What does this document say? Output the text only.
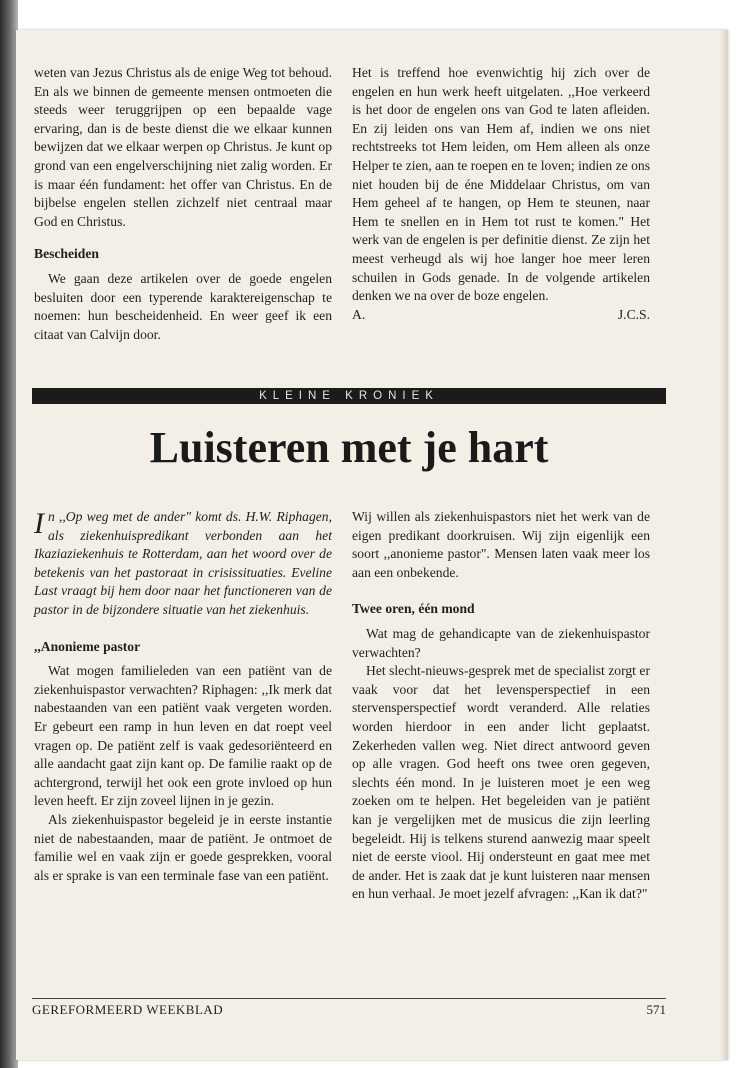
weten van Jezus Christus als de enige Weg tot behoud. En als we binnen de gemeente mensen ontmoeten die steeds weer teruggrijpen op een bepaalde vage ervaring, dan is de beste dienst die we elkaar kunnen bewijzen dat we elkaar werpen op Christus. Je kunt op grond van een engelverschijning niet zalig worden. Er is maar één fundament: het offer van Christus. En de bijbelse engelen stellen zichzelf niet centraal maar God en Christus.

Bescheiden

We gaan deze artikelen over de goede engelen besluiten door een typerende karaktereigenschap te noemen: hun bescheidenheid. En weer geef ik een citaat van Calvijn door.

Het is treffend hoe evenwichtig hij zich over de engelen en hun werk heeft uitgelaten. ,,Hoe verkeerd is het door de engelen ons van God te laten afleiden. En zij leiden ons van Hem af, indien we ons niet rechtstreeks tot Hem leiden, om Hem alleen als onze Helper te zien, aan te roepen en te loven; indien ze ons niet houden bij de éne Middelaar Christus, om van Hem geheel af te hangen, op Hem te steunen, naar Hem te snellen en in Hem tot rust te komen." Het werk van de engelen is per definitie dienst. Ze zijn het meest verheugd als wij hoe langer hoe meer leren schuilen in Gods genade. In de volgende artikelen denken we na over de boze engelen.

A.	J.C.S.
KLEINE KRONIEK
Luisteren met je hart

In ,,Op weg met de ander" komt ds. H.W. Riphagen, als ziekenhuispredikant verbonden aan het Ikaziaziekenhuis te Rotterdam, aan het woord over de betekenis van het pastoraat in crisissituaties. Eveline Last vraagt bij hem door naar het functioneren van de pastor in de bijzondere situatie van het ziekenhuis.

,,Anonieme pastor

Wat mogen familieleden van een patiënt van de ziekenhuispastor verwachten? Riphagen: ,,Ik merk dat nabestaanden van een patiënt vaak vergeten worden. Er gebeurt een ramp in hun leven en dat roept veel vragen op. De patiënt zelf is vaak gedesoriënteerd en alle aandacht gaat zijn kant op. De familie raakt op de achtergrond, terwijl het ook een grote invloed op hun leven heeft. Er zijn zoveel lijnen in je gezin.

Als ziekenhuispastor begeleid je in eerste instantie niet de nabestaanden, maar de patiënt. Je ontmoet de familie wel en vaak zijn er goede gesprekken, vooral als er sprake is van een terminale fase van een patiënt.

Wij willen als ziekenhuispastors niet het werk van de eigen predikant doorkruisen. Wij zijn eigenlijk een soort ,,anonieme pastor". Mensen laten vaak meer los aan een onbekende.

Twee oren, één mond

Wat mag de gehandicapte van de ziekenhuispastor verwachten?

Het slecht-nieuws-gesprek met de specialist zorgt er vaak voor dat het levensperspectief in een stervensperspectief wordt veranderd. Alle relaties worden hierdoor in een ander licht geplaatst. Zekerheden vallen weg. Niet direct antwoord geven op alle vragen. God heeft ons twee oren gegeven, slechts één mond. In je luisteren moet je een weg zoeken om te helpen. Het begeleiden van je patiënt kan je vergelijken met de musicus die zijn leerling begeleidt. Hij is telkens sturend aanwezig maar speelt niet de eerste viool. Hij ondersteunt en gaat mee met de ander. Het is zaak dat je kunt luisteren naar mensen en hun verhaal. Je moet jezelf afvragen: ,,Kan ik dat?"

GEREFORMEERD WEEKBLAD	571
